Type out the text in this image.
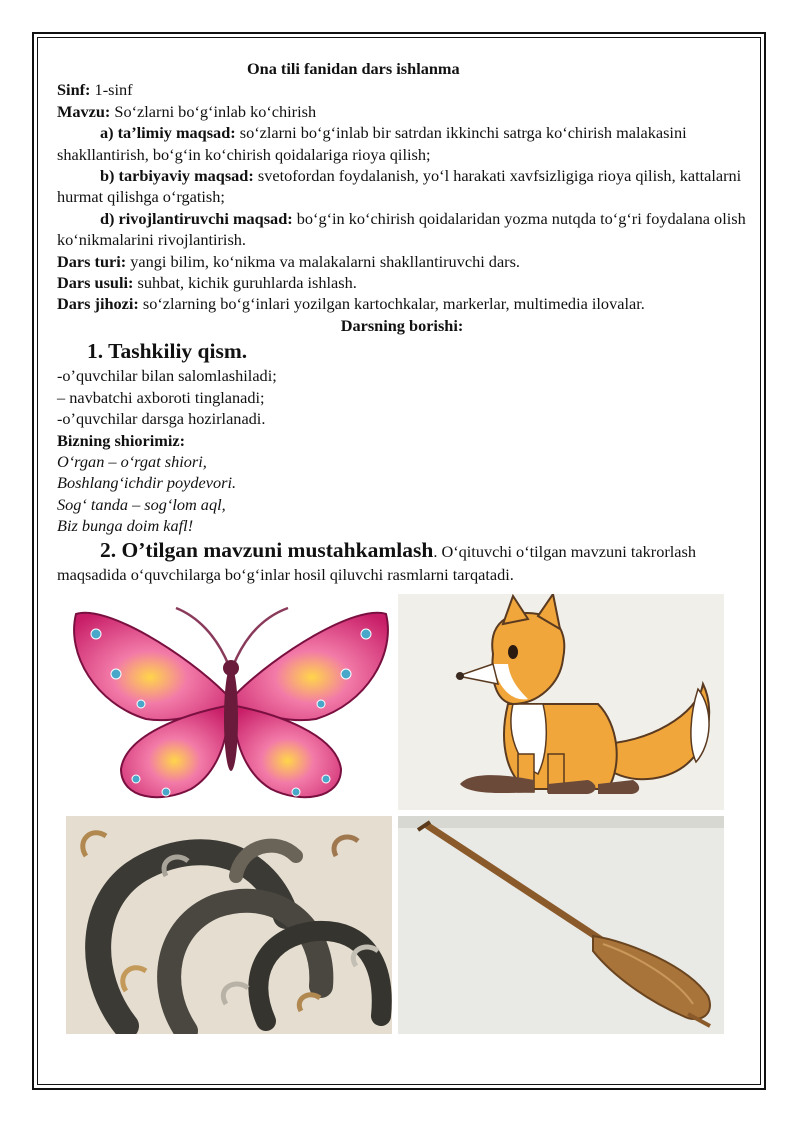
Ona tili fanidan dars ishlanma

Sinf: 1-sinf

Mavzu: So‘zlarni bo‘g‘inlab ko‘chirish

a) ta’limiy maqsad: so‘zlarni bo‘g‘inlab bir satrdan ikkinchi satrga ko‘chirish malakasini shakllantirish, bo‘g‘in ko‘chirish qoidalariga rioya qilish;

b) tarbiyaviy maqsad: svetofordan foydalanish, yo‘l harakati xavfsizligiga rioya qilish, kattalarni hurmat qilishga o‘rgatish;

d) rivojlantiruvchi maqsad: bo‘g‘in ko‘chirish qoidalaridan yozma nutqda to‘g‘ri foydalana olish ko‘nikmalarini rivojlantirish.

Dars turi: yangi bilim, ko‘nikma va malakalarni shakllantiruvchi dars.

Dars usuli: suhbat, kichik guruhlarda ishlash.

Dars jihozi: so‘zlarning bo‘g‘inlari yozilgan kartochkalar, markerlar, multimedia ilovalar.

Darsning borishi:

1. Tashkiliy qism.

-o’quvchilar bilan salomlashiladi;

– navbatchi axboroti tinglanadi;

-o’quvchilar darsga hozirlanadi.

Bizning shiorimiz:

O‘rgan – o‘rgat shiori,

Boshlang‘ichdir poydevori.

Sog‘ tanda – sog‘lom aql,

Biz bunga doim kafl!

2. O’tilgan mavzuni mustahkamlash. O‘qituvchi o‘tilgan mavzuni takrorlash maqsadida o‘quvchilarga bo‘g‘inlar hosil qiluvchi rasmlarni tarqatadi.
